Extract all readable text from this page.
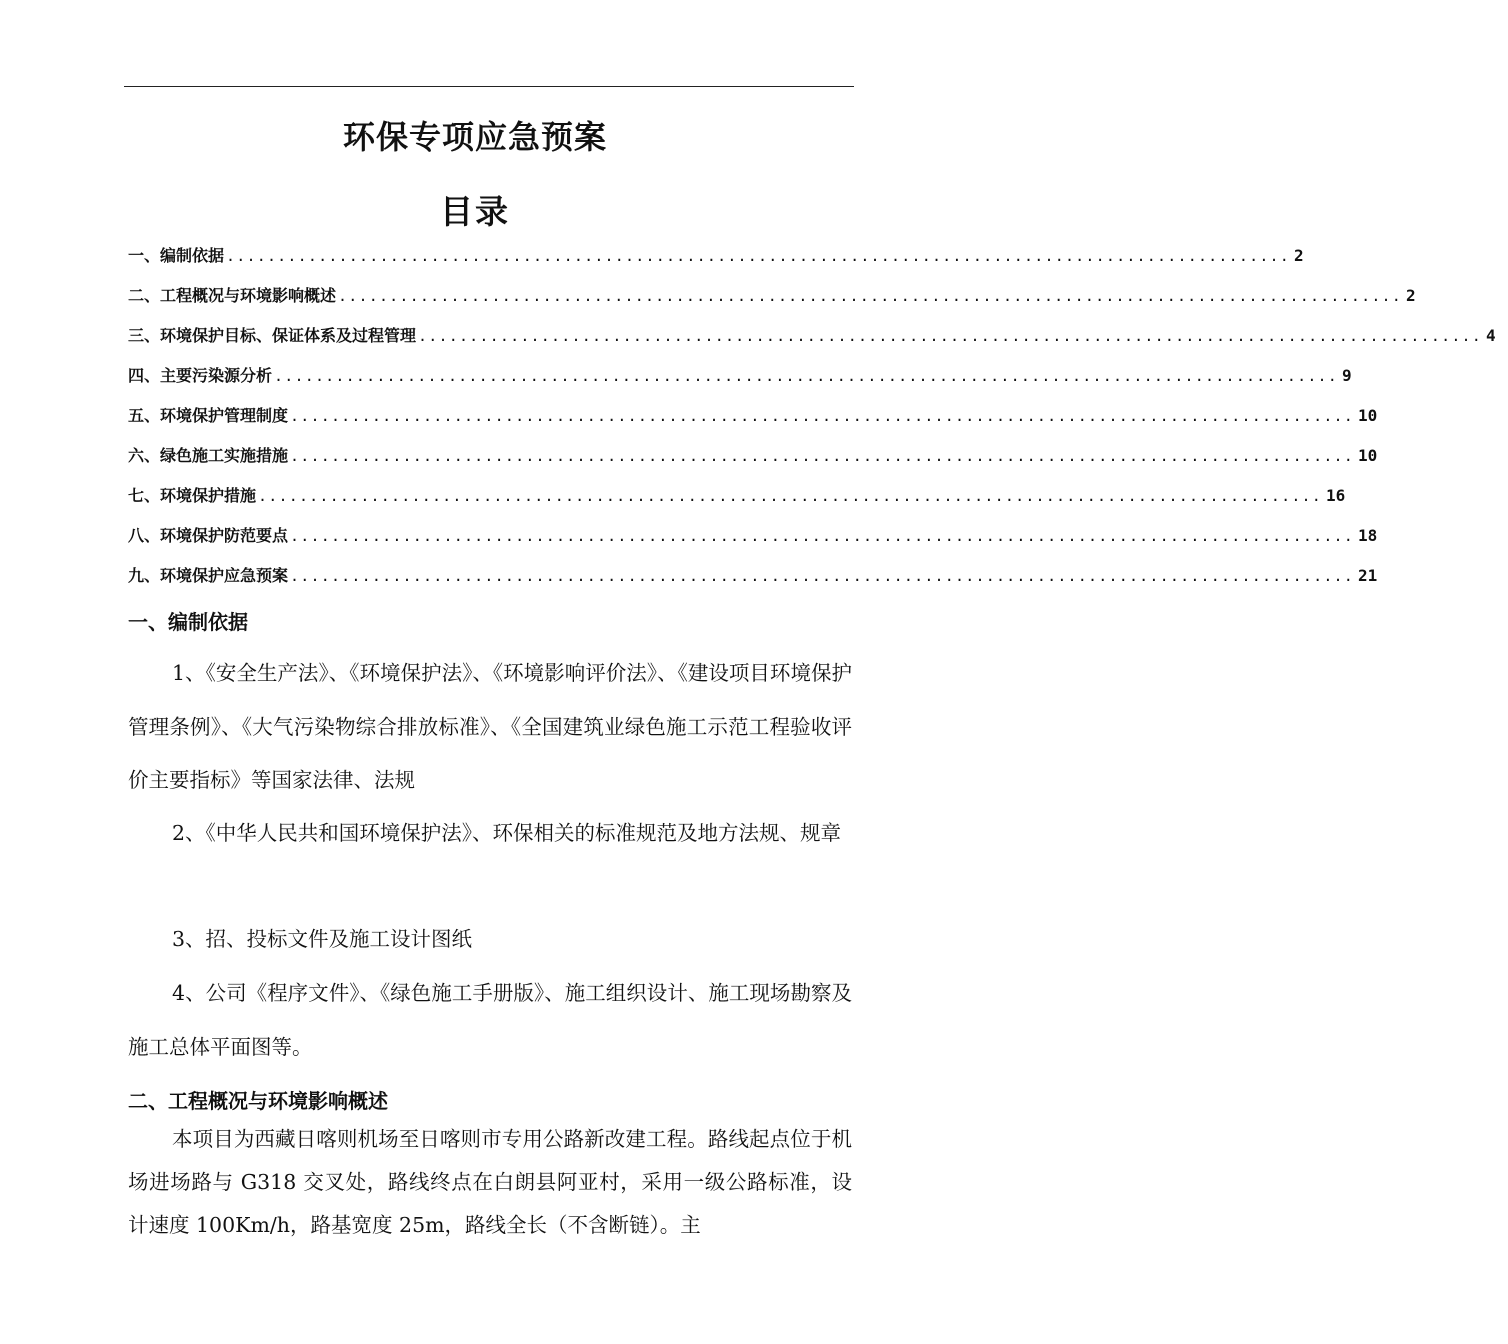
环保专项应急预案
目录
一、编制依据 ........................................................................................................ 2
二、工程概况与环境影响概述 ........................................................................................................ 2
三、环境保护目标、保证体系及过程管理 ........................................................................................................ 4
四、主要污染源分析 ........................................................................................................ 9
五、环境保护管理制度 ........................................................................................................ 10
六、绿色施工实施措施 ........................................................................................................ 10
七、环境保护措施 ........................................................................................................ 16
八、环境保护防范要点 ........................................................................................................ 18
九、环境保护应急预案 ........................................................................................................ 21
一、编制依据

1、《安全生产法》、《环境保护法》、《环境影响评价法》、《建设项目环境保护管理条例》、《大气污染物综合排放标准》、《全国建筑业绿色施工示范工程验收评价主要指标》等国家法律、法规

2、《中华人民共和国环境保护法》、环保相关的标准规范及地方法规、规章

3、招、投标文件及施工设计图纸

4、公司《程序文件》、《绿色施工手册版》、施工组织设计、施工现场勘察及施工总体平面图等。

二、工程概况与环境影响概述

本项目为西藏日喀则机场至日喀则市专用公路新改建工程。路线起点位于机场进场路与 G318 交叉处，路线终点在白朗县阿亚村，采用一级公路标准，设计速度 100Km/h，路基宽度 25m，路线全长（不含断链）。主
